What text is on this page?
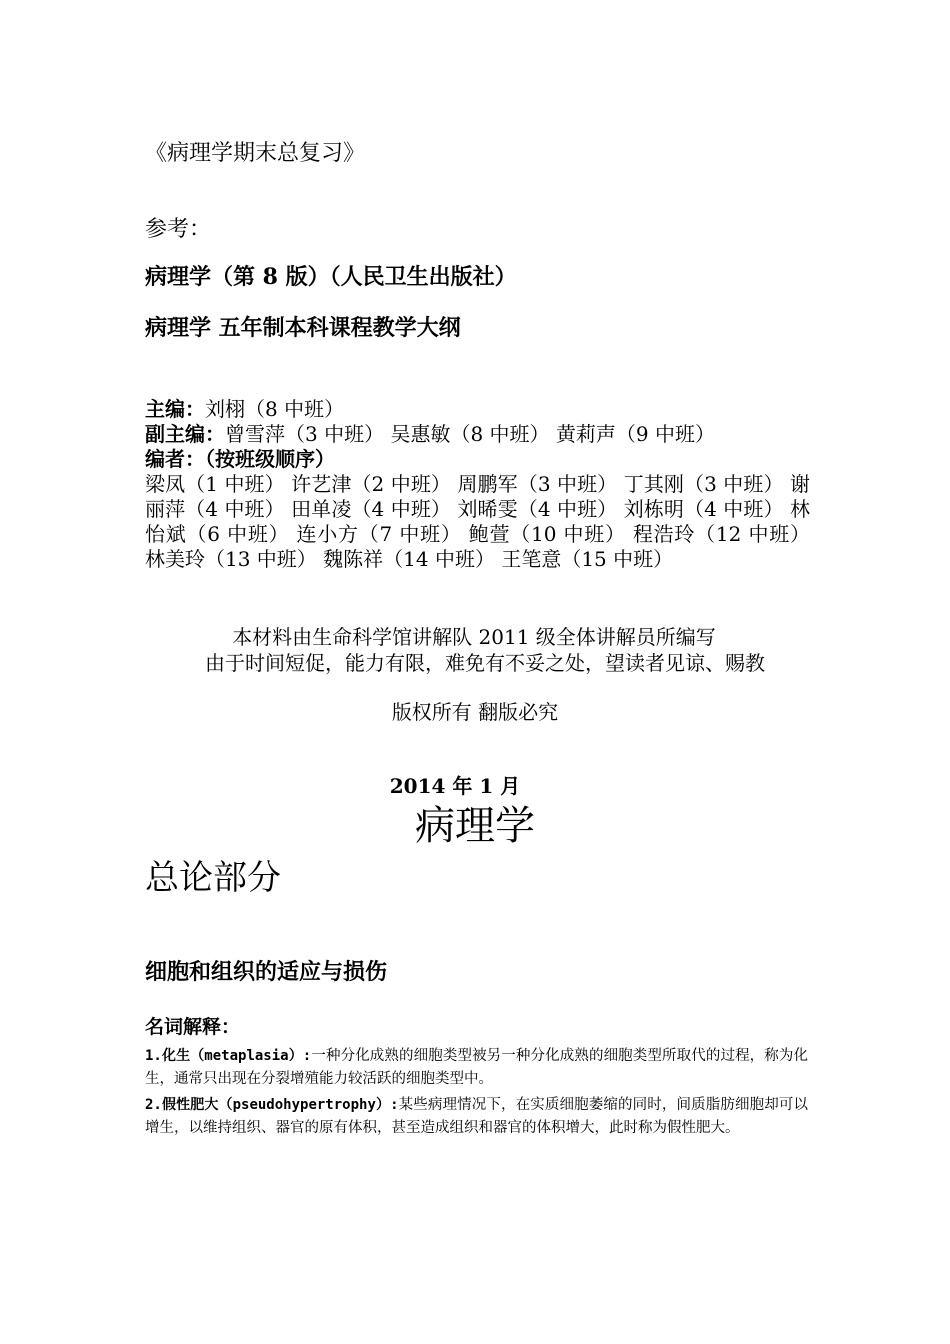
《病理学期末总复习》
参考：
病理学（第 8 版）（人民卫生出版社）
病理学 五年制本科课程教学大纲
主编：刘栩（8 中班）
副主编：曾雪萍（3 中班） 吴惠敏（8 中班） 黄莉声（9 中班）
编者：（按班级顺序）
梁凤（1 中班） 许艺津（2 中班） 周鹏军（3 中班） 丁其刚（3 中班） 谢丽萍（4 中班） 田单凌（4 中班） 刘晞雯（4 中班） 刘栋明（4 中班） 林怡斌（6 中班） 连小方（7 中班） 鲍萱（10 中班） 程浩玲（12 中班） 林美玲（13 中班） 魏陈祥（14 中班） 王笔意（15 中班）
本材料由生命科学馆讲解队 2011 级全体讲解员所编写
由于时间短促，能力有限，难免有不妥之处，望读者见谅、赐教
版权所有 翻版必究
2014 年 1 月
病理学
总论部分
细胞和组织的适应与损伤
名词解释：
1.化生（metaplasia）:一种分化成熟的细胞类型被另一种分化成熟的细胞类型所取代的过程，称为化生，通常只出现在分裂增殖能力较活跃的细胞类型中。
2.假性肥大（pseudohypertrophy）:某些病理情况下，在实质细胞萎缩的同时，间质脂肪细胞却可以增生，以维持组织、器官的原有体积，甚至造成组织和器官的体积增大，此时称为假性肥大。
